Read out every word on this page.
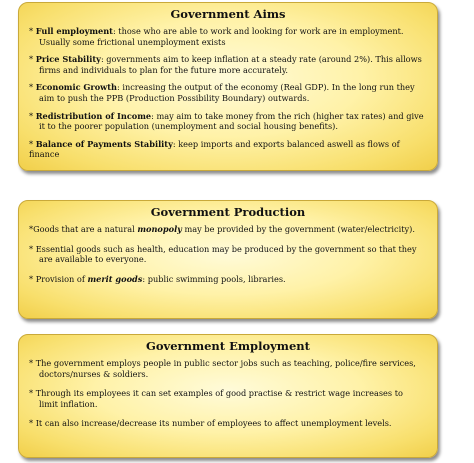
Government Aims
* Full employment: those who are able to work and looking for work are in employment.
Usually some frictional unemployment exists
* Price Stability: governments aim to keep inflation at a steady rate (around 2%). This allows
firms and individuals to plan for the future more accurately.
* Economic Growth: increasing the output of the economy (Real GDP). In the long run they
aim to push the PPB (Production Possibility Boundary) outwards.
* Redistribution of Income: may aim to take money from the rich (higher tax rates) and give
it to the poorer population (unemployment and social housing benefits).
* Balance of Payments Stability: keep imports and exports balanced aswell as flows of finance
Government Production
*Goods that are a natural monopoly may be provided by the government (water/electricity).
* Essential goods such as health, education may be produced by the government so that they
are available to everyone.
* Provision of merit goods: public swimming pools, libraries.
Government Employment
* The government employs people in public sector jobs such as teaching, police/fire services,
doctors/nurses & soldiers.
* Through its employees it can set examples of good practise & restrict wage increases to
limit inflation.
* It can also increase/decrease its number of employees to affect unemployment levels.
